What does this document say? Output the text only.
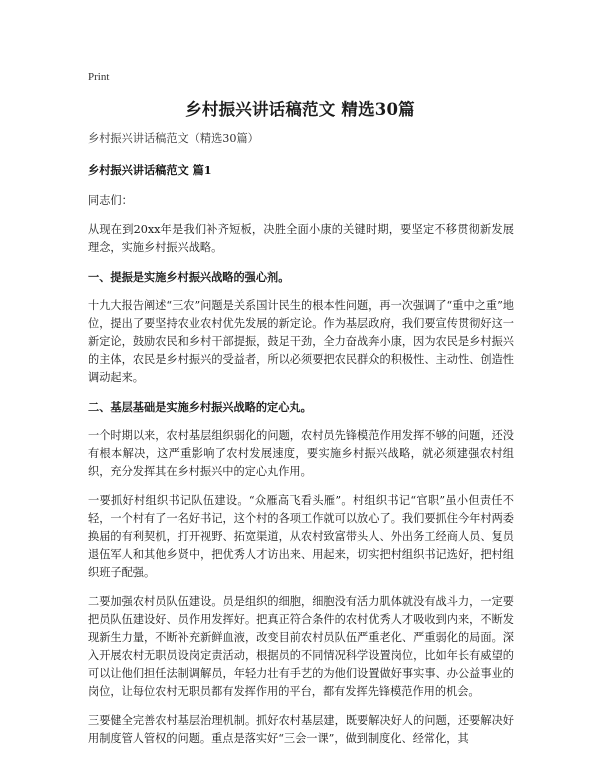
Print
乡村振兴讲话稿范文 精选30篇

乡村振兴讲话稿范文（精选30篇）

乡村振兴讲话稿范文 篇1

同志们：

从现在到20xx年是我们补齐短板，决胜全面小康的关键时期，要坚定不移贯彻新发展理念，实施乡村振兴战略。

一、提振是实施乡村振兴战略的强心剂。

十九大报告阐述“三农”问题是关系国计民生的根本性问题，再一次强调了“重中之重”地位，提出了要坚持农业农村优先发展的新定论。作为基层政府，我们要宣传贯彻好这一新定论，鼓励农民和乡村干部提振，鼓足干劲，全力奋战奔小康，因为农民是乡村振兴的主体，农民是乡村振兴的受益者，所以必须要把农民群众的积极性、主动性、创造性调动起来。

二、基层基础是实施乡村振兴战略的定心丸。

一个时期以来，农村基层组织弱化的问题，农村员先锋模范作用发挥不够的问题，还没有根本解决，这严重影响了农村发展速度，要实施乡村振兴战略，就必须建强农村组织，充分发挥其在乡村振兴中的定心丸作用。

一要抓好村组织书记队伍建设。“众雁高飞看头雁”。村组织书记“官职”虽小但责任不轻，一个村有了一名好书记，这个村的各项工作就可以放心了。我们要抓住今年村两委换届的有利契机，打开视野、拓宽渠道，从农村致富带头人、外出务工经商人员、复员退伍军人和其他乡贤中，把优秀人才访出来、用起来，切实把村组织书记选好，把村组织班子配强。

二要加强农村员队伍建设。员是组织的细胞，细胞没有活力肌体就没有战斗力，一定要把员队伍建设好、员作用发挥好。把真正符合条件的农村优秀人才吸收到内来，不断发现新生力量，不断补充新鲜血液，改变目前农村员队伍严重老化、严重弱化的局面。深入开展农村无职员设岗定责活动，根据员的不同情况科学设置岗位，比如年长有威望的可以让他们担任法制调解员，年轻力壮有手艺的为他们设置做好事实事、办公益事业的岗位，让每位农村无职员都有发挥作用的平台，都有发挥先锋模范作用的机会。

三要健全完善农村基层治理机制。抓好农村基层建，既要解决好人的问题，还要解决好用制度管人管权的问题。重点是落实好“三会一课”，做到制度化、经常化，其
